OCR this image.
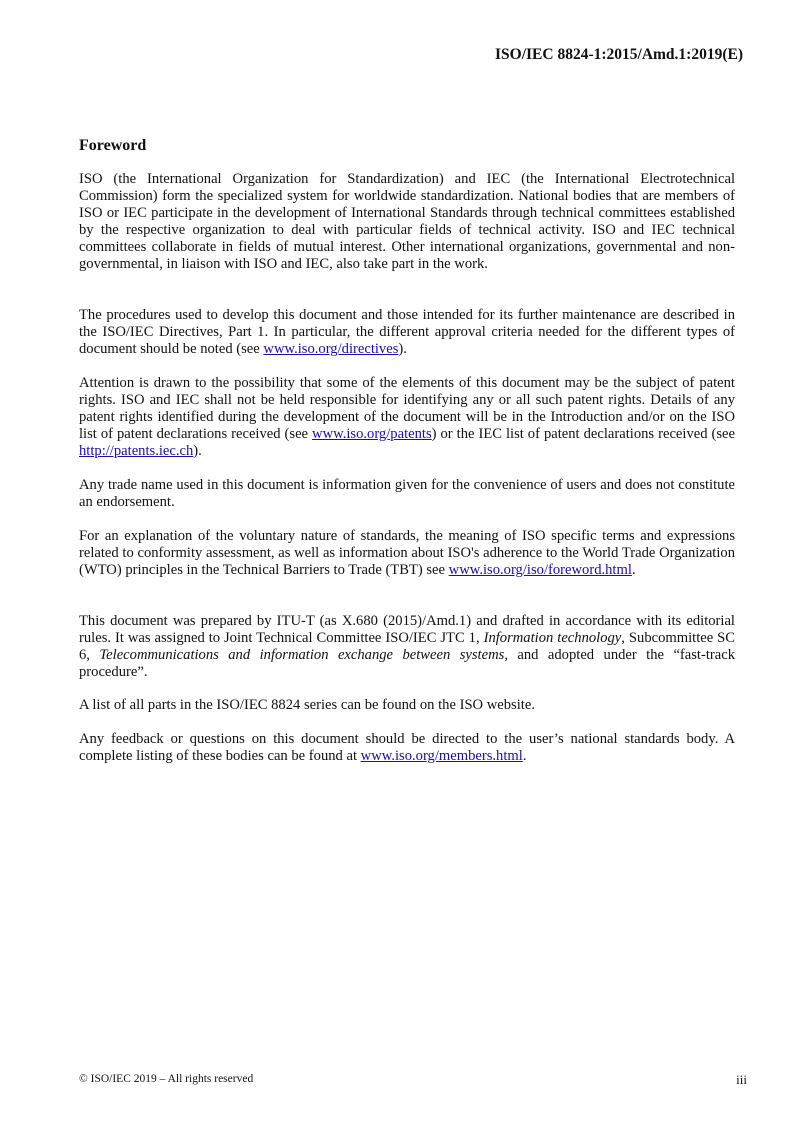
ISO/IEC 8824-1:2015/Amd.1:2019(E)
Foreword

ISO (the International Organization for Standardization) and IEC (the International Electrotechnical Commission) form the specialized system for worldwide standardization. National bodies that are members of ISO or IEC participate in the development of International Standards through technical committees established by the respective organization to deal with particular fields of technical activity. ISO and IEC technical committees collaborate in fields of mutual interest. Other international organizations, governmental and non-governmental, in liaison with ISO and IEC, also take part in the work.

The procedures used to develop this document and those intended for its further maintenance are described in the ISO/IEC Directives, Part 1. In particular, the different approval criteria needed for the different types of document should be noted (see www.iso.org/directives).

Attention is drawn to the possibility that some of the elements of this document may be the subject of patent rights. ISO and IEC shall not be held responsible for identifying any or all such patent rights. Details of any patent rights identified during the development of the document will be in the Introduction and/or on the ISO list of patent declarations received (see www.iso.org/patents) or the IEC list of patent declarations received (see http://patents.iec.ch).

Any trade name used in this document is information given for the convenience of users and does not constitute an endorsement.

For an explanation of the voluntary nature of standards, the meaning of ISO specific terms and expressions related to conformity assessment, as well as information about ISO's adherence to the World Trade Organization (WTO) principles in the Technical Barriers to Trade (TBT) see www.iso.org/iso/foreword.html.

This document was prepared by ITU-T (as X.680 (2015)/Amd.1) and drafted in accordance with its editorial rules. It was assigned to Joint Technical Committee ISO/IEC JTC 1, Information technology, Subcommittee SC 6, Telecommunications and information exchange between systems, and adopted under the “fast-track procedure”.

A list of all parts in the ISO/IEC 8824 series can be found on the ISO website.

Any feedback or questions on this document should be directed to the user’s national standards body. A complete listing of these bodies can be found at www.iso.org/members.html.

© ISO/IEC 2019 – All rights reserved	iii
